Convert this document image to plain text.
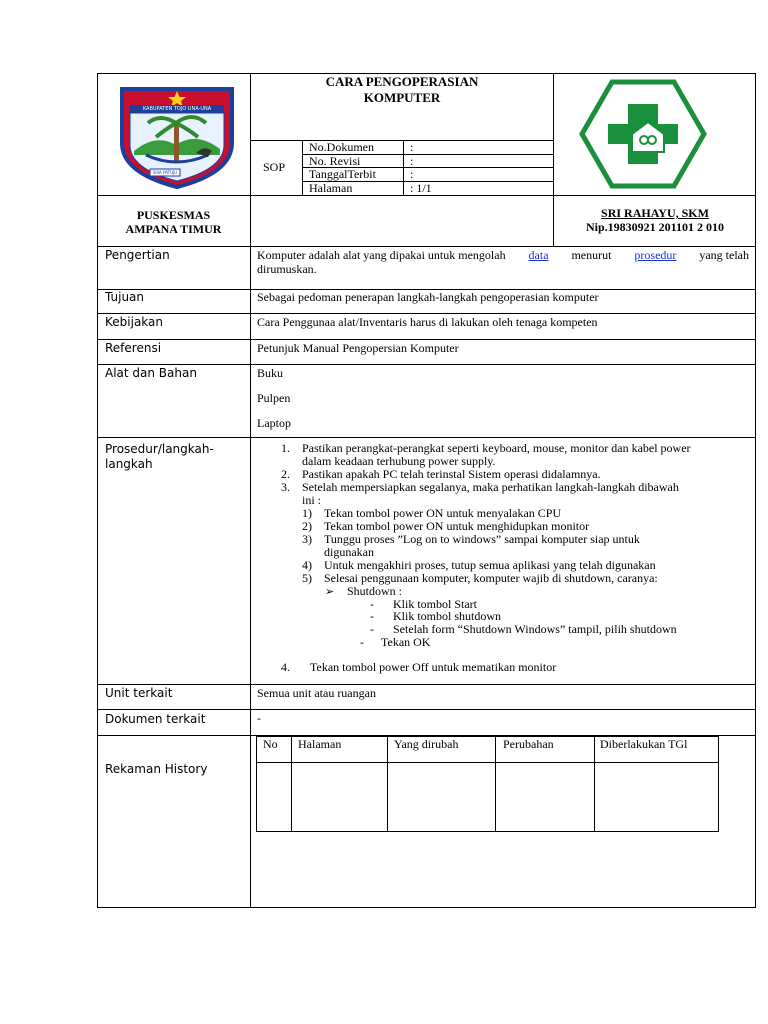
KABUPATEN TOJO UNA-UNA
SIVA PATUJU
CARA PENGOPERASIAN
KOMPUTER
SOP
No.Dokumen	:
No. Revisi	:
TanggalTerbit	:
Halaman	: 1/1
PUSKESMAS
AMPANA TIMUR
SRI RAHAYU, SKM
Nip.19830921 201101 2 010
Pengertian	Komputer adalah alat yang dipakai untuk mengolah data menurut prosedur yang telah
dirumuskan.
Tujuan	Sebagai pedoman penerapan langkah-langkah pengoperasian komputer
Kebijakan	Cara Penggunaa alat/Inventaris harus di lakukan oleh tenaga kompeten
Referensi	Petunjuk Manual Pengopersian Komputer
Alat dan Bahan	Buku
Pulpen
Laptop
Prosedur/langkah-
langkah
1. Pastikan perangkat-perangkat seperti keyboard, mouse, monitor dan kabel power
dalam keadaan terhubung power supply.
2. Pastikan apakah PC telah terinstal Sistem operasi didalamnya.
3. Setelah mempersiapkan segalanya, maka perhatikan langkah-langkah dibawah
ini :
1) Tekan tombol power ON untuk menyalakan CPU
2) Tekan tombol power ON untuk menghidupkan monitor
3) Tunggu proses ”Log on to windows” sampai komputer siap untuk
digunakan
4) Untuk mengakhiri proses, tutup semua aplikasi yang telah digunakan
5) Selesai penggunaan komputer, komputer wajib di shutdown, caranya:
➢ Shutdown :
- Klik tombol Start
- Klik tombol shutdown
- Setelah form “Shutdown Windows” tampil, pilih shutdown
- Tekan OK
4. Tekan tombol power Off untuk mematikan monitor
Unit terkait	Semua unit atau ruangan
Dokumen terkait	-
Rekaman History
No Halaman	Yang dirubah	Perubahan	Diberlakukan TGl
